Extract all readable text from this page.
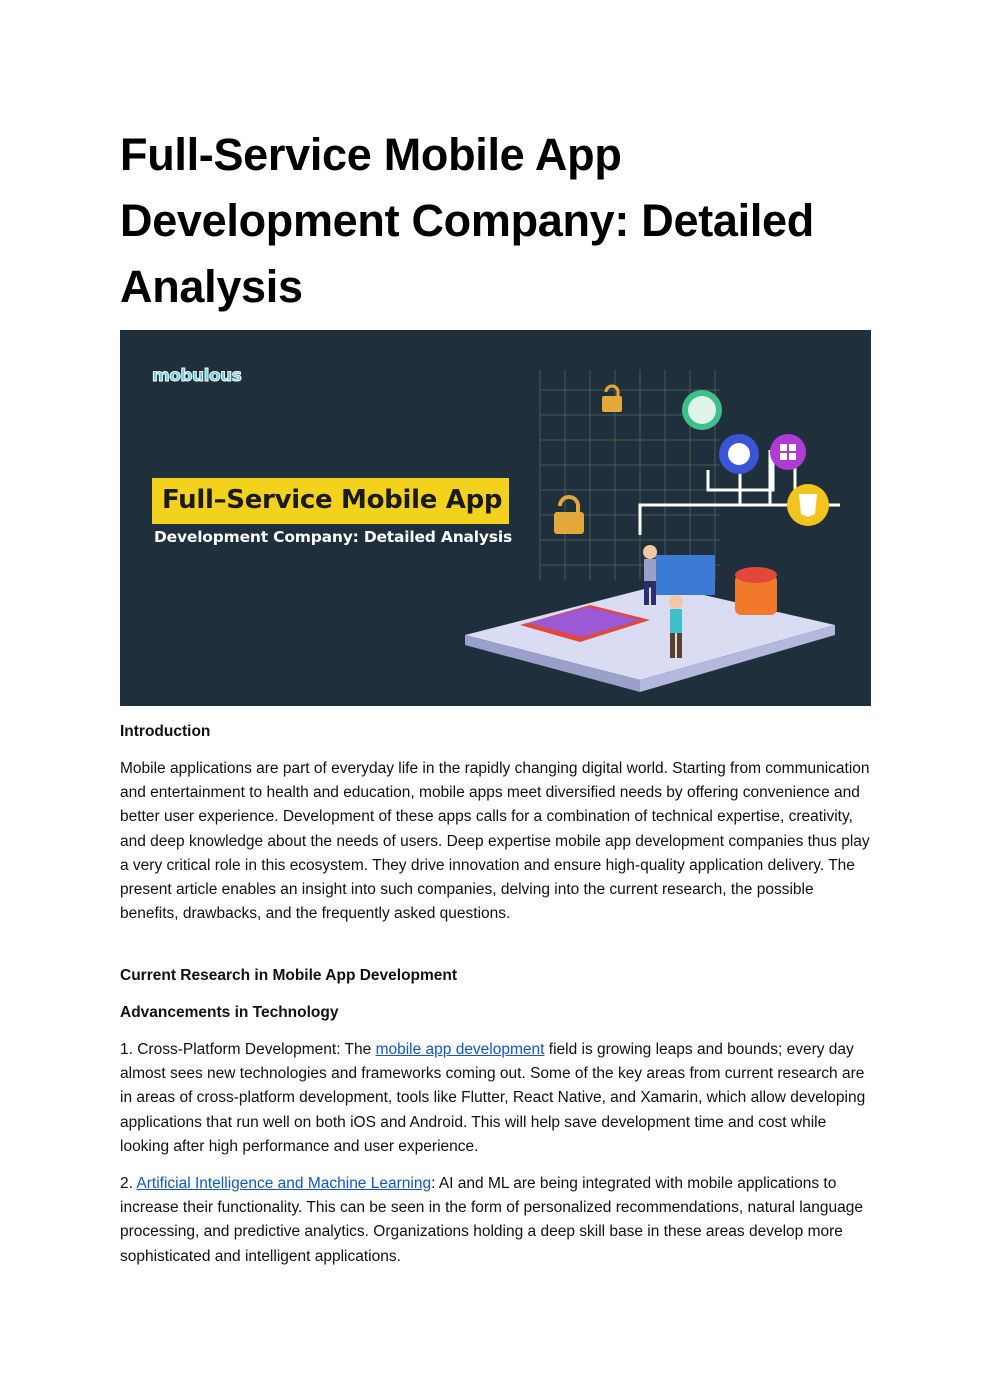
Full-Service Mobile App Development Company: Detailed Analysis
mobulous
Full–Service Mobile App
Development Company: Detailed Analysis

Introduction

Mobile applications are part of everyday life in the rapidly changing digital world. Starting from communication and entertainment to health and education, mobile apps meet diversified needs by offering convenience and better user experience. Development of these apps calls for a combination of technical expertise, creativity, and deep knowledge about the needs of users. Deep expertise mobile app development companies thus play a very critical role in this ecosystem. They drive innovation and ensure high-quality application delivery. The present article enables an insight into such companies, delving into the current research, the possible benefits, drawbacks, and the frequently asked questions.

Current Research in Mobile App Development

Advancements in Technology

1. Cross-Platform Development: The mobile app development field is growing leaps and bounds; every day almost sees new technologies and frameworks coming out. Some of the key areas from current research are in areas of cross-platform development, tools like Flutter, React Native, and Xamarin, which allow developing applications that run well on both iOS and Android. This will help save development time and cost while looking after high performance and user experience.

2. Artificial Intelligence and Machine Learning: AI and ML are being integrated with mobile applications to increase their functionality. This can be seen in the form of personalized recommendations, natural language processing, and predictive analytics. Organizations holding a deep skill base in these areas develop more sophisticated and intelligent applications.
